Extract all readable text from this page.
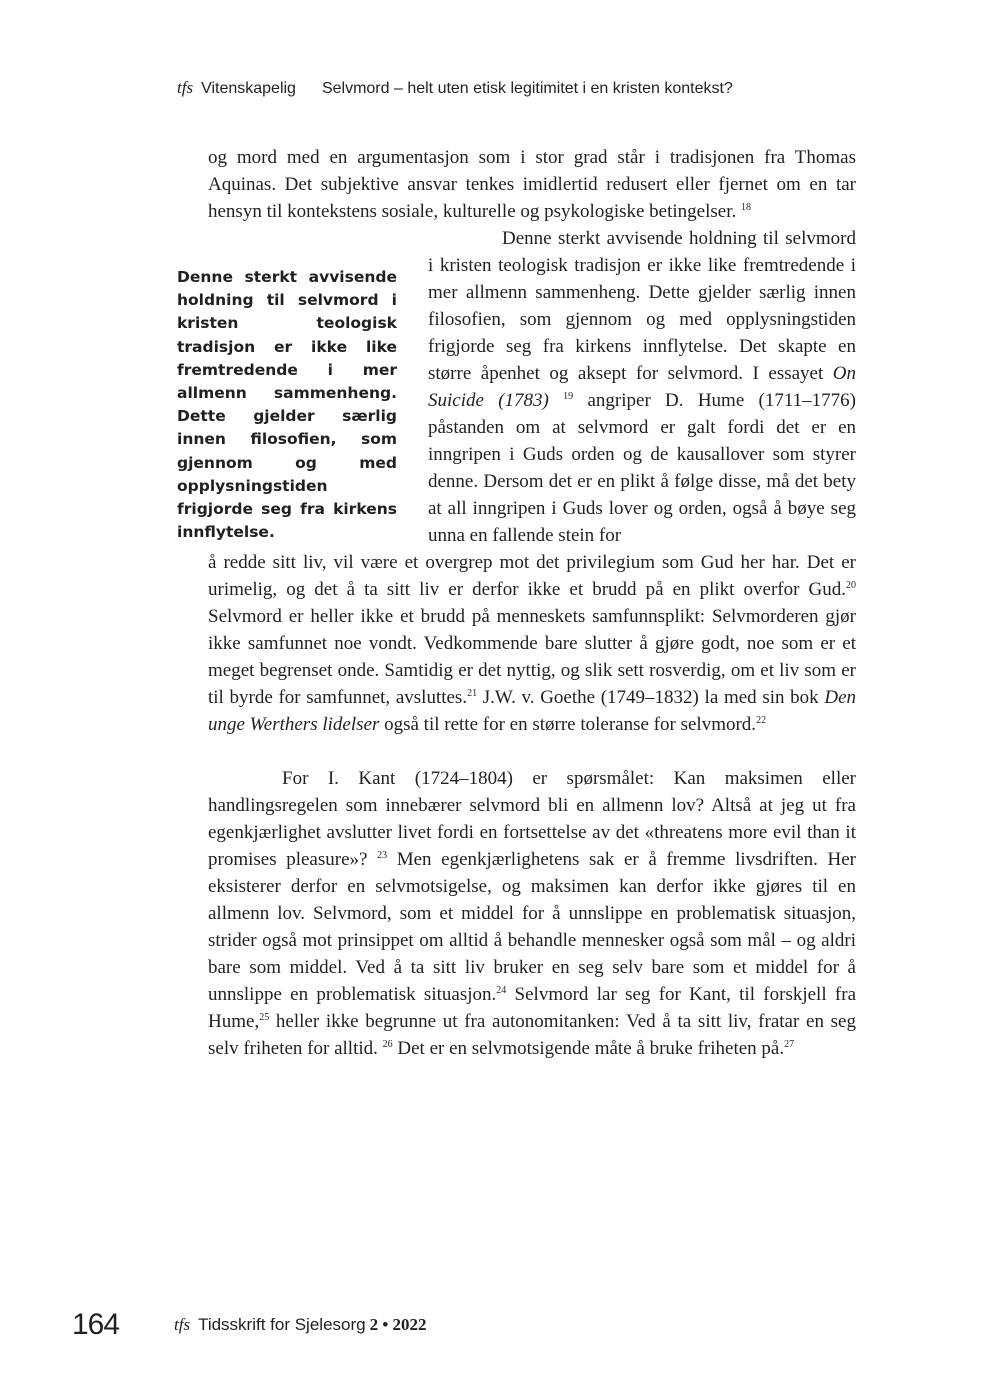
tfs Vitenskapelig Selvmord – helt uten etisk legitimitet i en kristen kontekst?

og mord med en argumentasjon som i stor grad står i tradisjonen fra Thomas Aquinas. Det subjektive ansvar tenkes imidlertid redusert eller fjernet om en tar hensyn til kontekstens sosiale, kulturelle og psykologiske betingelser. $^{18}$

Denne sterkt avvisende holdning til selvmord i kristen teologisk tradisjon er ikke like fremtredende i mer allmenn sammenheng. Dette gjelder særlig innen filosofien, som gjennom og med opplysningstiden frigjorde seg fra kirkens innflytelse.

Denne sterkt avvisende holdning til selvmord i kristen teologisk tradisjon er ikke like fremtredende i mer allmenn sammenheng. Dette gjelder særlig innen filosofien, som gjennom og med opplysningstiden frigjorde seg fra kirkens innflytelse. Det skapte en større åpenhet og aksept for selvmord. I essayet On Suicide (1783) $^{19}$ angriper D. Hume (1711–1776) påstanden om at selvmord er galt fordi det er en inngripen i Guds orden og de kausallover som styrer denne. Dersom det er en plikt å følge disse, må det bety at all inngripen i Guds lover og orden, også å bøye seg unna en fallende stein for

å redde sitt liv, vil være et overgrep mot det privilegium som Gud her har. Det er urimelig, og det å ta sitt liv er derfor ikke et brudd på en plikt overfor Gud.$^{20}$ Selvmord er heller ikke et brudd på menneskets samfunnsplikt: Selvmorderen gjør ikke samfunnet noe vondt. Vedkommende bare slutter å gjøre godt, noe som er et meget begrenset onde. Samtidig er det nyttig, og slik sett rosverdig, om et liv som er til byrde for samfunnet, avsluttes.$^{21}$ J.W. v. Goethe (1749–1832) la med sin bok Den unge Werthers lidelser også til rette for en større toleranse for selvmord.$^{22}$

For I. Kant (1724–1804) er spørsmålet: Kan maksimen eller handlingsregelen som innebærer selvmord bli en allmenn lov? Altså at jeg ut fra egenkjærlighet avslutter livet fordi en fortsettelse av det «threatens more evil than it promises pleasure»? $^{23}$ Men egenkjærlighetens sak er å fremme livsdriften. Her eksisterer derfor en selvmotsigelse, og maksimen kan derfor ikke gjøres til en allmenn lov. Selvmord, som et middel for å unnslippe en problematisk situasjon, strider også mot prinsippet om alltid å behandle mennesker også som mål – og aldri bare som middel. Ved å ta sitt liv bruker en seg selv bare som et middel for å unnslippe en problematisk situasjon.$^{24}$ Selvmord lar seg for Kant, til forskjell fra Hume,$^{25}$ heller ikke begrunne ut fra autonomitanken: Ved å ta sitt liv, fratar en seg selv friheten for alltid. $^{26}$ Det er en selvmotsigende måte å bruke friheten på.$^{27}$

164	tfs Tidsskrift for Sjelesorg 2 • 2022
